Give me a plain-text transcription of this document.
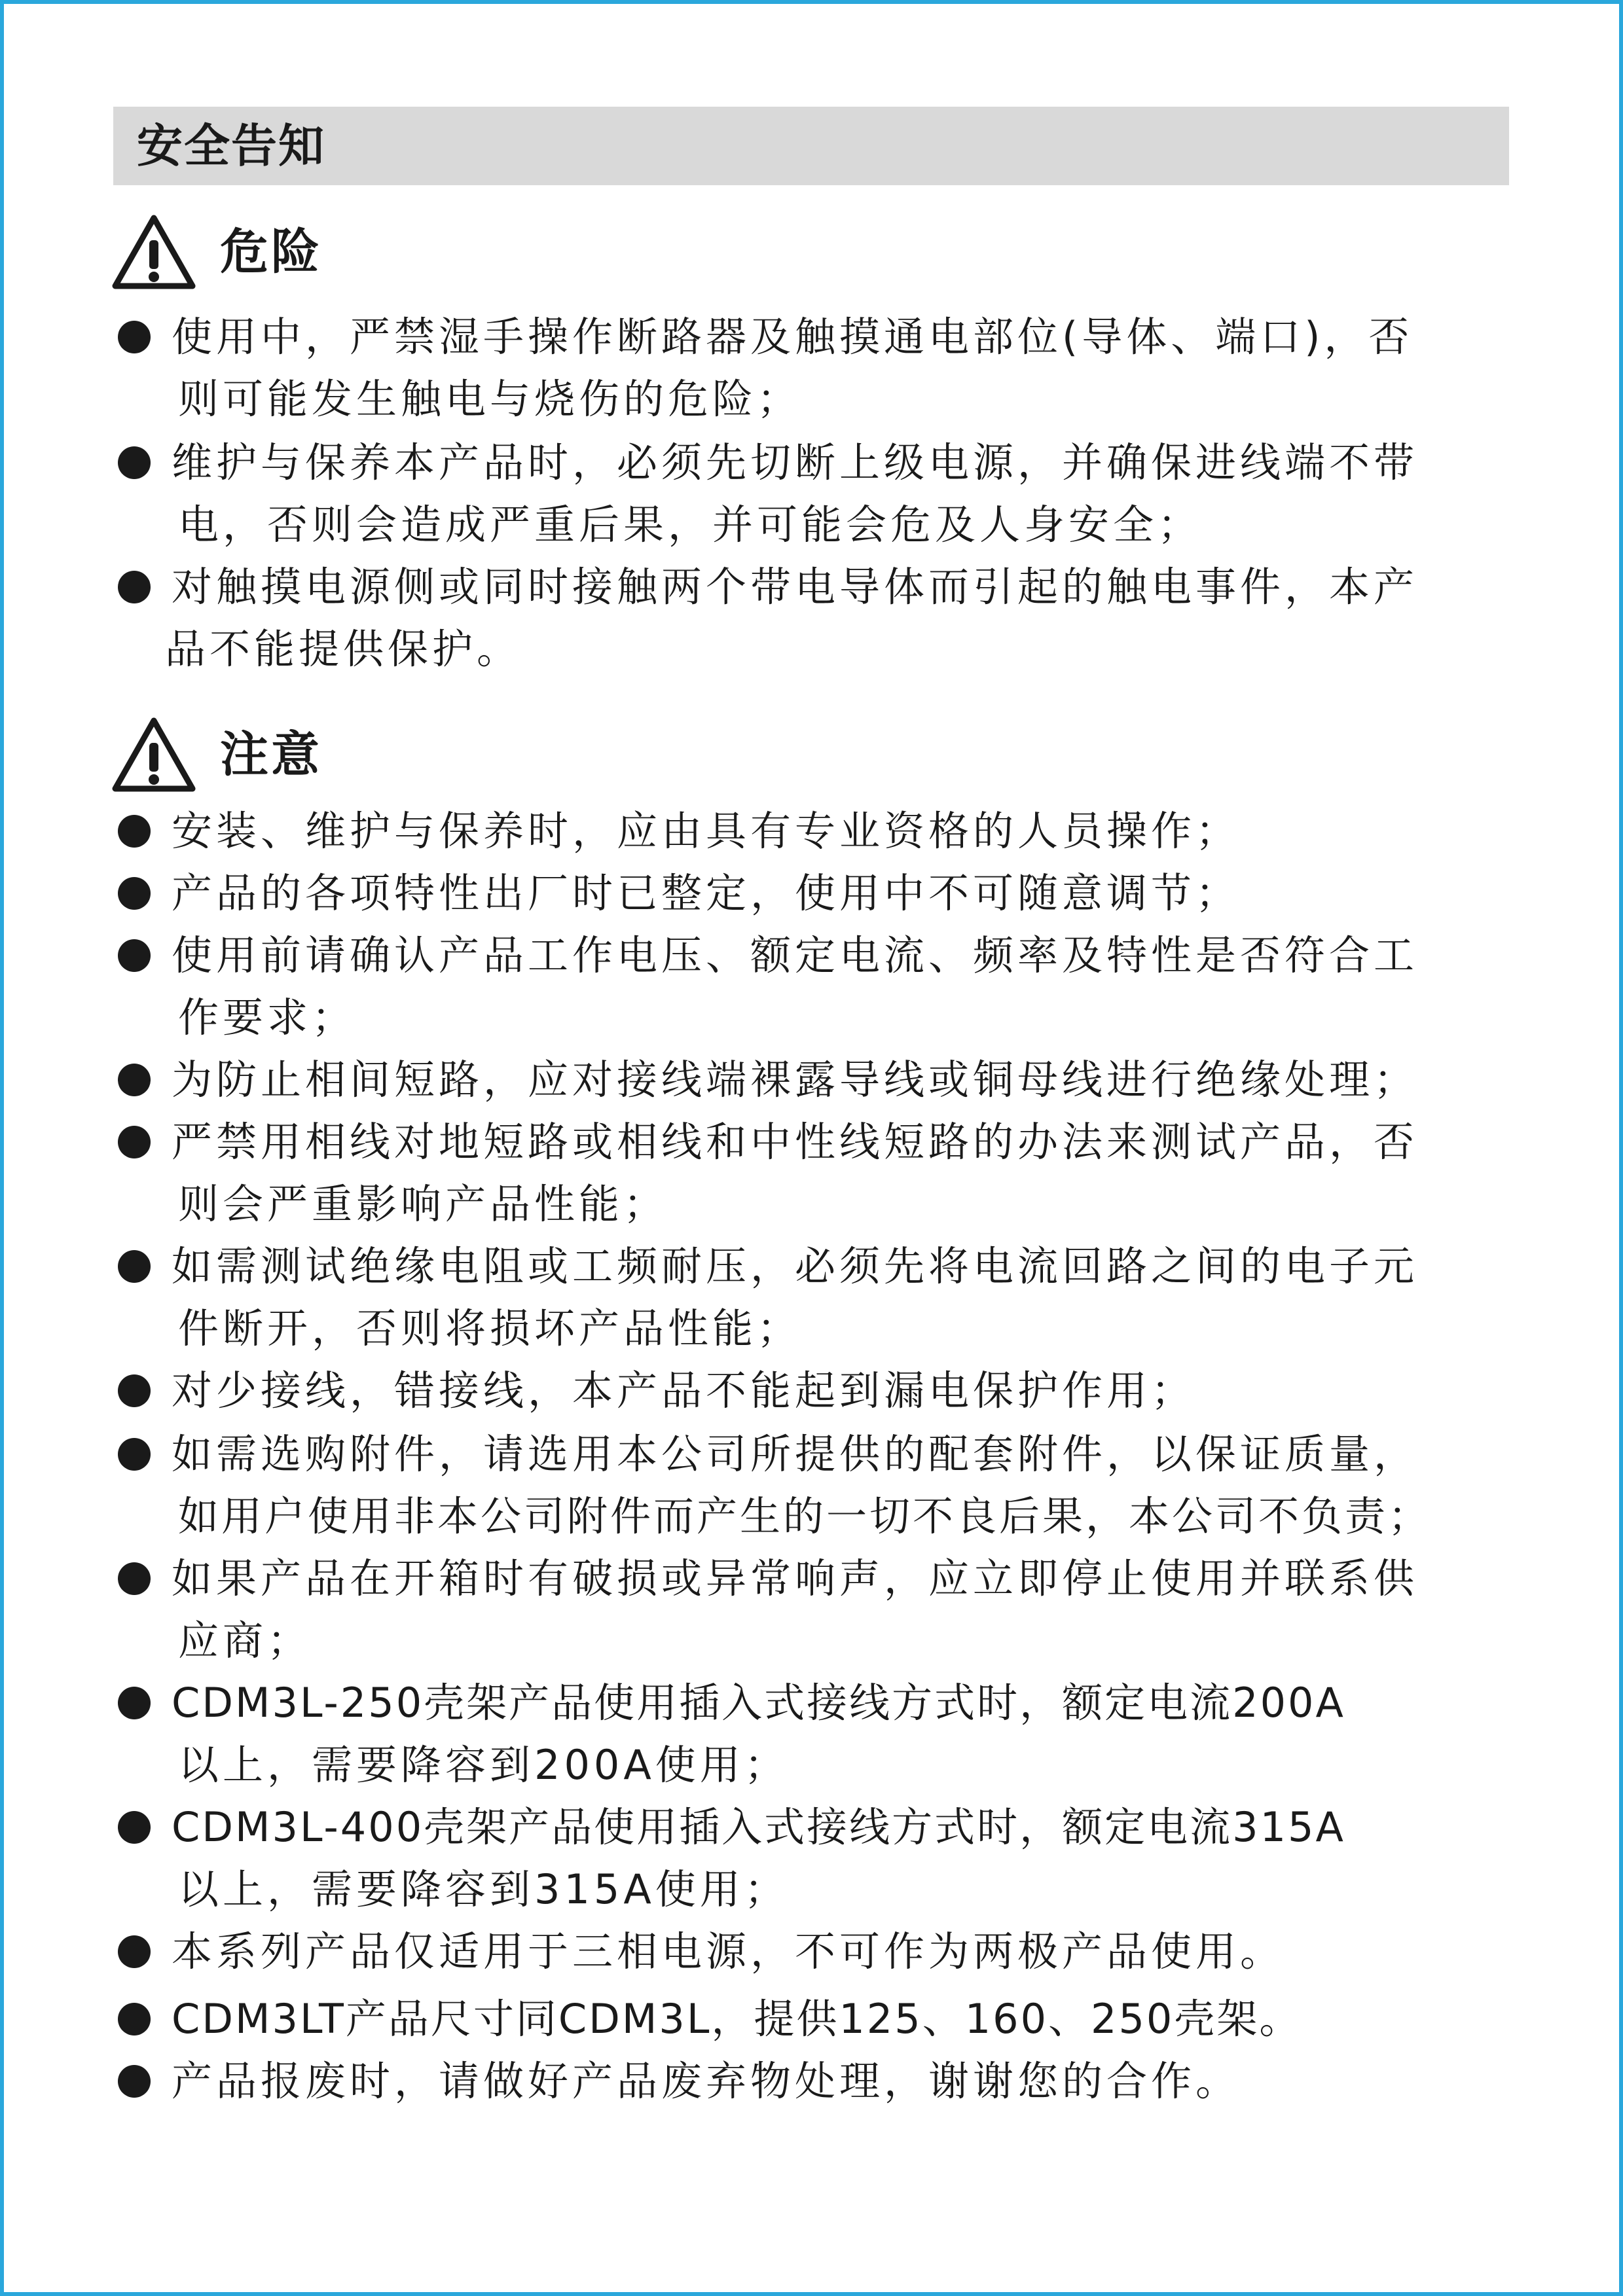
安全告知
危险
注意
使用中，严禁湿手操作断路器及触摸通电部位(导体、端口)，否
则可能发生触电与烧伤的危险；
维护与保养本产品时，必须先切断上级电源，并确保进线端不带
电，否则会造成严重后果，并可能会危及人身安全；
对触摸电源侧或同时接触两个带电导体而引起的触电事件，本产
品不能提供保护。
安装、维护与保养时，应由具有专业资格的人员操作；
产品的各项特性出厂时已整定，使用中不可随意调节；
使用前请确认产品工作电压、额定电流、频率及特性是否符合工
作要求；
为防止相间短路，应对接线端裸露导线或铜母线进行绝缘处理；
严禁用相线对地短路或相线和中性线短路的办法来测试产品，否
则会严重影响产品性能；
如需测试绝缘电阻或工频耐压，必须先将电流回路之间的电子元
件断开，否则将损坏产品性能；
对少接线，错接线，本产品不能起到漏电保护作用；
如需选购附件，请选用本公司所提供的配套附件，以保证质量，
如用户使用非本公司附件而产生的一切不良后果，本公司不负责；
如果产品在开箱时有破损或异常响声，应立即停止使用并联系供
应商；
CDM3L-250壳架产品使用插入式接线方式时，额定电流200A
以上，需要降容到200A使用；
CDM3L-400壳架产品使用插入式接线方式时，额定电流315A
以上，需要降容到315A使用；
本系列产品仅适用于三相电源，不可作为两极产品使用。
CDM3LT产品尺寸同CDM3L，提供125、160、250壳架。
产品报废时，请做好产品废弃物处理，谢谢您的合作。
